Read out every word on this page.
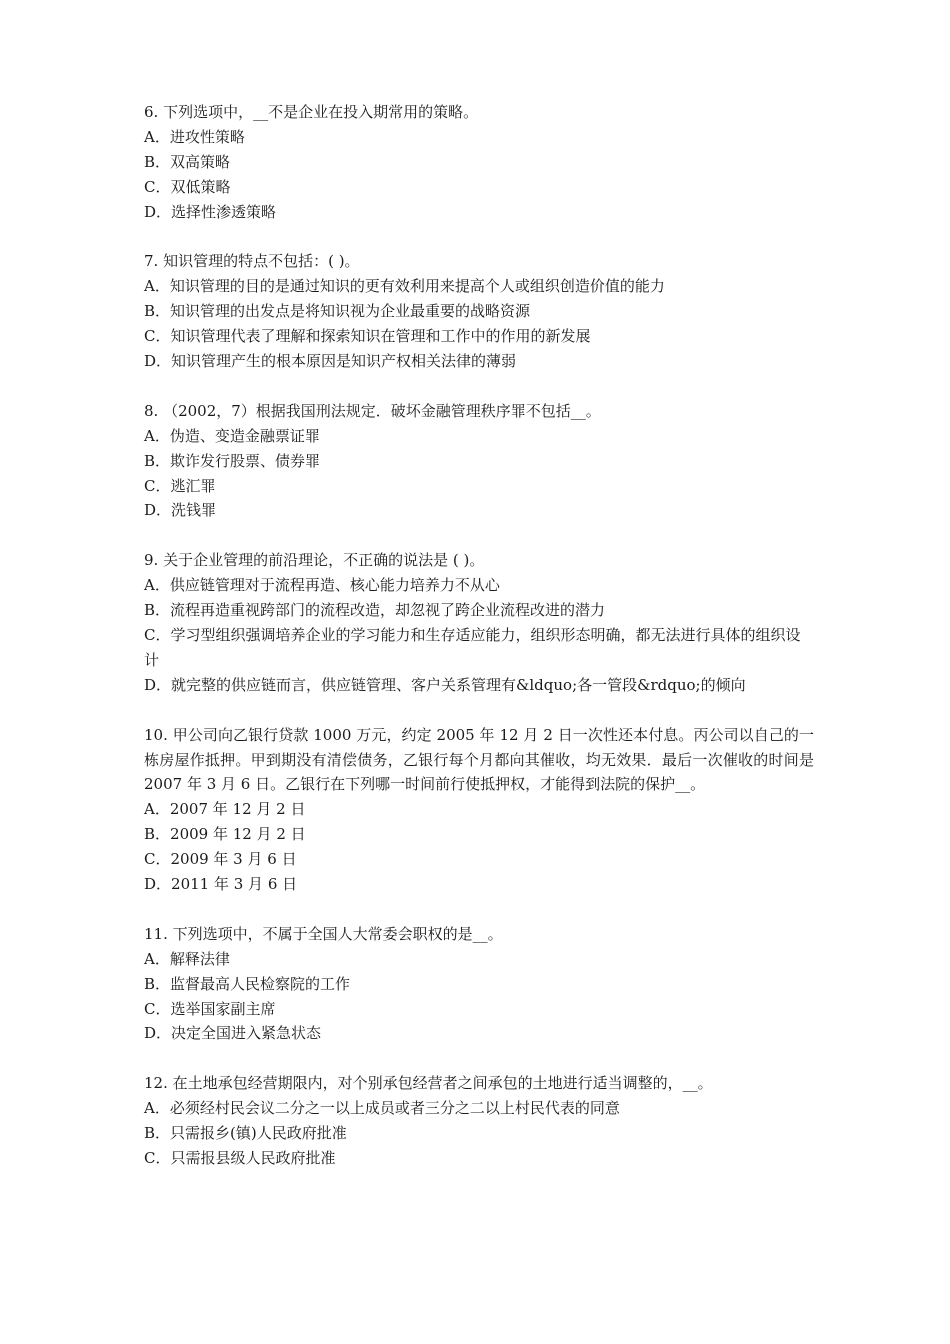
6. 下列选项中，__不是企业在投入期常用的策略。

A．进攻性策略
B．双高策略
C．双低策略
D．选择性渗透策略

7. 知识管理的特点不包括：( )。

A．知识管理的目的是通过知识的更有效利用来提高个人或组织创造价值的能力
B．知识管理的出发点是将知识视为企业最重要的战略资源
C．知识管理代表了理解和探索知识在管理和工作中的作用的新发展
D．知识管理产生的根本原因是知识产权相关法律的薄弱

8. （2002，7）根据我国刑法规定．破坏金融管理秩序罪不包括__。

A．伪造、变造金融票证罪
B．欺诈发行股票、债券罪
C．逃汇罪
D．洗钱罪

9. 关于企业管理的前沿理论，不正确的说法是 ( )。

A．供应链管理对于流程再造、核心能力培养力不从心
B．流程再造重视跨部门的流程改造，却忽视了跨企业流程改进的潜力
C．学习型组织强调培养企业的学习能力和生存适应能力，组织形态明确，都无法进行具体的组织设计
D．就完整的供应链而言，供应链管理、客户关系管理有&ldquo;各一管段&rdquo;的倾向

10. 甲公司向乙银行贷款 1000 万元，约定 2005 年 12 月 2 日一次性还本付息。丙公司以自己的一栋房屋作抵押。甲到期没有清偿债务，乙银行每个月都向其催收，均无效果．最后一次催收的时间是 2007 年 3 月 6 日。乙银行在下列哪一时间前行使抵押权，才能得到法院的保护__。

A．2007 年 12 月 2 日
B．2009 年 12 月 2 日
C．2009 年 3 月 6 日
D．2011 年 3 月 6 日

11. 下列选项中，不属于全国人大常委会职权的是__。

A．解释法律
B．监督最高人民检察院的工作
C．选举国家副主席
D．决定全国进入紧急状态

12. 在土地承包经营期限内，对个别承包经营者之间承包的土地进行适当调整的，__。

A．必须经村民会议二分之一以上成员或者三分之二以上村民代表的同意
B．只需报乡(镇)人民政府批准
C．只需报县级人民政府批准
